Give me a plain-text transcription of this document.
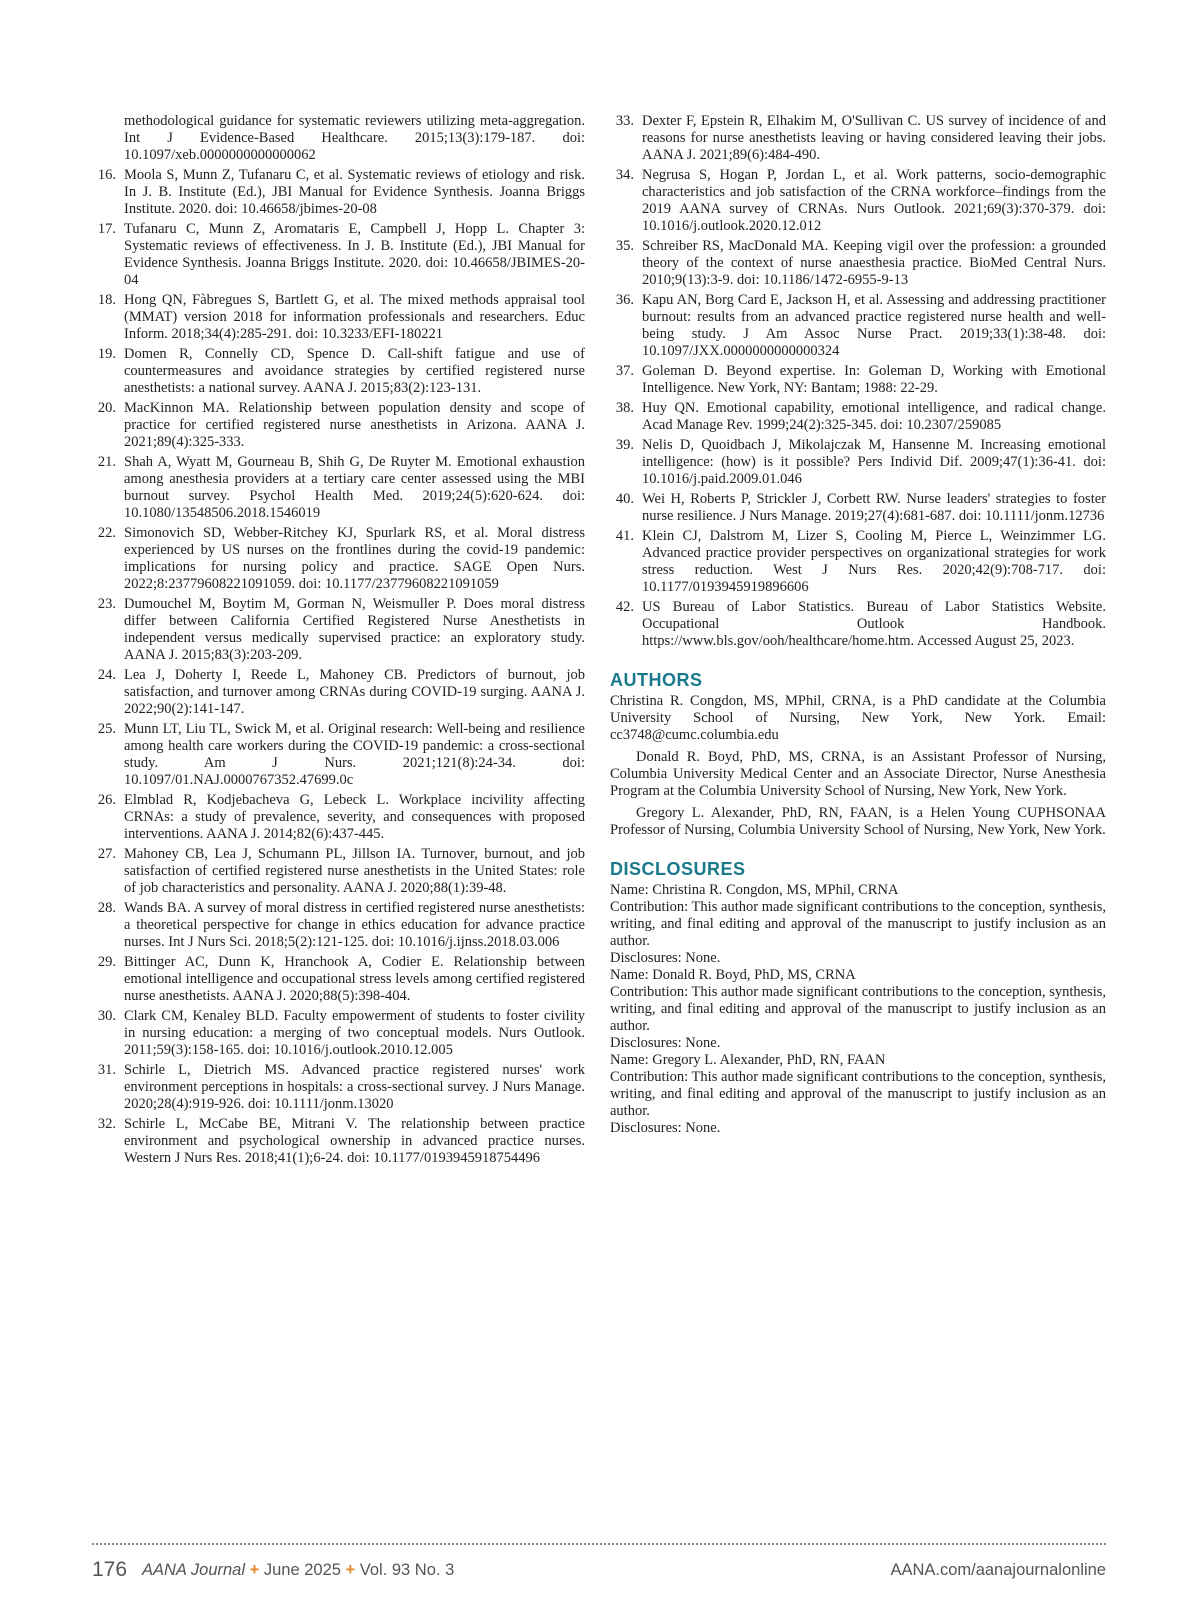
methodological guidance for systematic reviewers utilizing meta-aggregation. Int J Evidence-Based Healthcare. 2015;13(3):179-187. doi: 10.1097/xeb.0000000000000062
16. Moola S, Munn Z, Tufanaru C, et al. Systematic reviews of etiology and risk. In J. B. Institute (Ed.), JBI Manual for Evidence Synthesis. Joanna Briggs Institute. 2020. doi: 10.46658/jbimes-20-08
17. Tufanaru C, Munn Z, Aromataris E, Campbell J, Hopp L. Chapter 3: Systematic reviews of effectiveness. In J. B. Institute (Ed.), JBI Manual for Evidence Synthesis. Joanna Briggs Institute. 2020. doi: 10.46658/JBIMES-20-04
18. Hong QN, Fàbregues S, Bartlett G, et al. The mixed methods appraisal tool (MMAT) version 2018 for information professionals and researchers. Educ Inform. 2018;34(4):285-291. doi: 10.3233/EFI-180221
19. Domen R, Connelly CD, Spence D. Call-shift fatigue and use of countermeasures and avoidance strategies by certified registered nurse anesthetists: a national survey. AANA J. 2015;83(2):123-131.
20. MacKinnon MA. Relationship between population density and scope of practice for certified registered nurse anesthetists in Arizona. AANA J. 2021;89(4):325-333.
21. Shah A, Wyatt M, Gourneau B, Shih G, De Ruyter M. Emotional exhaustion among anesthesia providers at a tertiary care center assessed using the MBI burnout survey. Psychol Health Med. 2019;24(5):620-624. doi: 10.1080/13548506.2018.1546019
22. Simonovich SD, Webber-Ritchey KJ, Spurlark RS, et al. Moral distress experienced by US nurses on the frontlines during the covid-19 pandemic: implications for nursing policy and practice. SAGE Open Nurs. 2022;8:23779608221091059. doi: 10.1177/23779608221091059
23. Dumouchel M, Boytim M, Gorman N, Weismuller P. Does moral distress differ between California Certified Registered Nurse Anesthetists in independent versus medically supervised practice: an exploratory study. AANA J. 2015;83(3):203-209.
24. Lea J, Doherty I, Reede L, Mahoney CB. Predictors of burnout, job satisfaction, and turnover among CRNAs during COVID-19 surging. AANA J. 2022;90(2):141-147.
25. Munn LT, Liu TL, Swick M, et al. Original research: Well-being and resilience among health care workers during the COVID-19 pandemic: a cross-sectional study. Am J Nurs. 2021;121(8):24-34. doi: 10.1097/01.NAJ.0000767352.47699.0c
26. Elmblad R, Kodjebacheva G, Lebeck L. Workplace incivility affecting CRNAs: a study of prevalence, severity, and consequences with proposed interventions. AANA J. 2014;82(6):437-445.
27. Mahoney CB, Lea J, Schumann PL, Jillson IA. Turnover, burnout, and job satisfaction of certified registered nurse anesthetists in the United States: role of job characteristics and personality. AANA J. 2020;88(1):39-48.
28. Wands BA. A survey of moral distress in certified registered nurse anesthetists: a theoretical perspective for change in ethics education for advance practice nurses. Int J Nurs Sci. 2018;5(2):121-125. doi: 10.1016/j.ijnss.2018.03.006
29. Bittinger AC, Dunn K, Hranchook A, Codier E. Relationship between emotional intelligence and occupational stress levels among certified registered nurse anesthetists. AANA J. 2020;88(5):398-404.
30. Clark CM, Kenaley BLD. Faculty empowerment of students to foster civility in nursing education: a merging of two conceptual models. Nurs Outlook. 2011;59(3):158-165. doi: 10.1016/j.outlook.2010.12.005
31. Schirle L, Dietrich MS. Advanced practice registered nurses' work environment perceptions in hospitals: a cross-sectional survey. J Nurs Manage. 2020;28(4):919-926. doi: 10.1111/jonm.13020
32. Schirle L, McCabe BE, Mitrani V. The relationship between practice environment and psychological ownership in advanced practice nurses. Western J Nurs Res. 2018;41(1);6-24. doi: 10.1177/0193945918754496
33. Dexter F, Epstein R, Elhakim M, O'Sullivan C. US survey of incidence of and reasons for nurse anesthetists leaving or having considered leaving their jobs. AANA J. 2021;89(6):484-490.
34. Negrusa S, Hogan P, Jordan L, et al. Work patterns, socio-demographic characteristics and job satisfaction of the CRNA workforce–findings from the 2019 AANA survey of CRNAs. Nurs Outlook. 2021;69(3):370-379. doi: 10.1016/j.outlook.2020.12.012
35. Schreiber RS, MacDonald MA. Keeping vigil over the profession: a grounded theory of the context of nurse anaesthesia practice. BioMed Central Nurs. 2010;9(13):3-9. doi: 10.1186/1472-6955-9-13
36. Kapu AN, Borg Card E, Jackson H, et al. Assessing and addressing practitioner burnout: results from an advanced practice registered nurse health and well-being study. J Am Assoc Nurse Pract. 2019;33(1):38-48. doi: 10.1097/JXX.0000000000000324
37. Goleman D. Beyond expertise. In: Goleman D, Working with Emotional Intelligence. New York, NY: Bantam; 1988: 22-29.
38. Huy QN. Emotional capability, emotional intelligence, and radical change. Acad Manage Rev. 1999;24(2):325-345. doi: 10.2307/259085
39. Nelis D, Quoidbach J, Mikolajczak M, Hansenne M. Increasing emotional intelligence: (how) is it possible? Pers Individ Dif. 2009;47(1):36-41. doi: 10.1016/j.paid.2009.01.046
40. Wei H, Roberts P, Strickler J, Corbett RW. Nurse leaders' strategies to foster nurse resilience. J Nurs Manage. 2019;27(4):681-687. doi: 10.1111/jonm.12736
41. Klein CJ, Dalstrom M, Lizer S, Cooling M, Pierce L, Weinzimmer LG. Advanced practice provider perspectives on organizational strategies for work stress reduction. West J Nurs Res. 2020;42(9):708-717. doi: 10.1177/0193945919896606
42. US Bureau of Labor Statistics. Bureau of Labor Statistics Website. Occupational Outlook Handbook. https://www.bls.gov/ooh/healthcare/home.htm. Accessed August 25, 2023.
AUTHORS
Christina R. Congdon, MS, MPhil, CRNA, is a PhD candidate at the Columbia University School of Nursing, New York, New York. Email: cc3748@cumc.columbia.edu
Donald R. Boyd, PhD, MS, CRNA, is an Assistant Professor of Nursing, Columbia University Medical Center and an Associate Director, Nurse Anesthesia Program at the Columbia University School of Nursing, New York, New York.
Gregory L. Alexander, PhD, RN, FAAN, is a Helen Young CUPHSONAA Professor of Nursing, Columbia University School of Nursing, New York, New York.
DISCLOSURES
Name: Christina R. Congdon, MS, MPhil, CRNA
Contribution: This author made significant contributions to the conception, synthesis, writing, and final editing and approval of the manuscript to justify inclusion as an author.
Disclosures: None.
Name: Donald R. Boyd, PhD, MS, CRNA
Contribution: This author made significant contributions to the conception, synthesis, writing, and final editing and approval of the manuscript to justify inclusion as an author.
Disclosures: None.
Name: Gregory L. Alexander, PhD, RN, FAAN
Contribution: This author made significant contributions to the conception, synthesis, writing, and final editing and approval of the manuscript to justify inclusion as an author.
Disclosures: None.
176 AANA Journal + June 2025 + Vol. 93 No. 3	AANA.com/aanajournalonline
